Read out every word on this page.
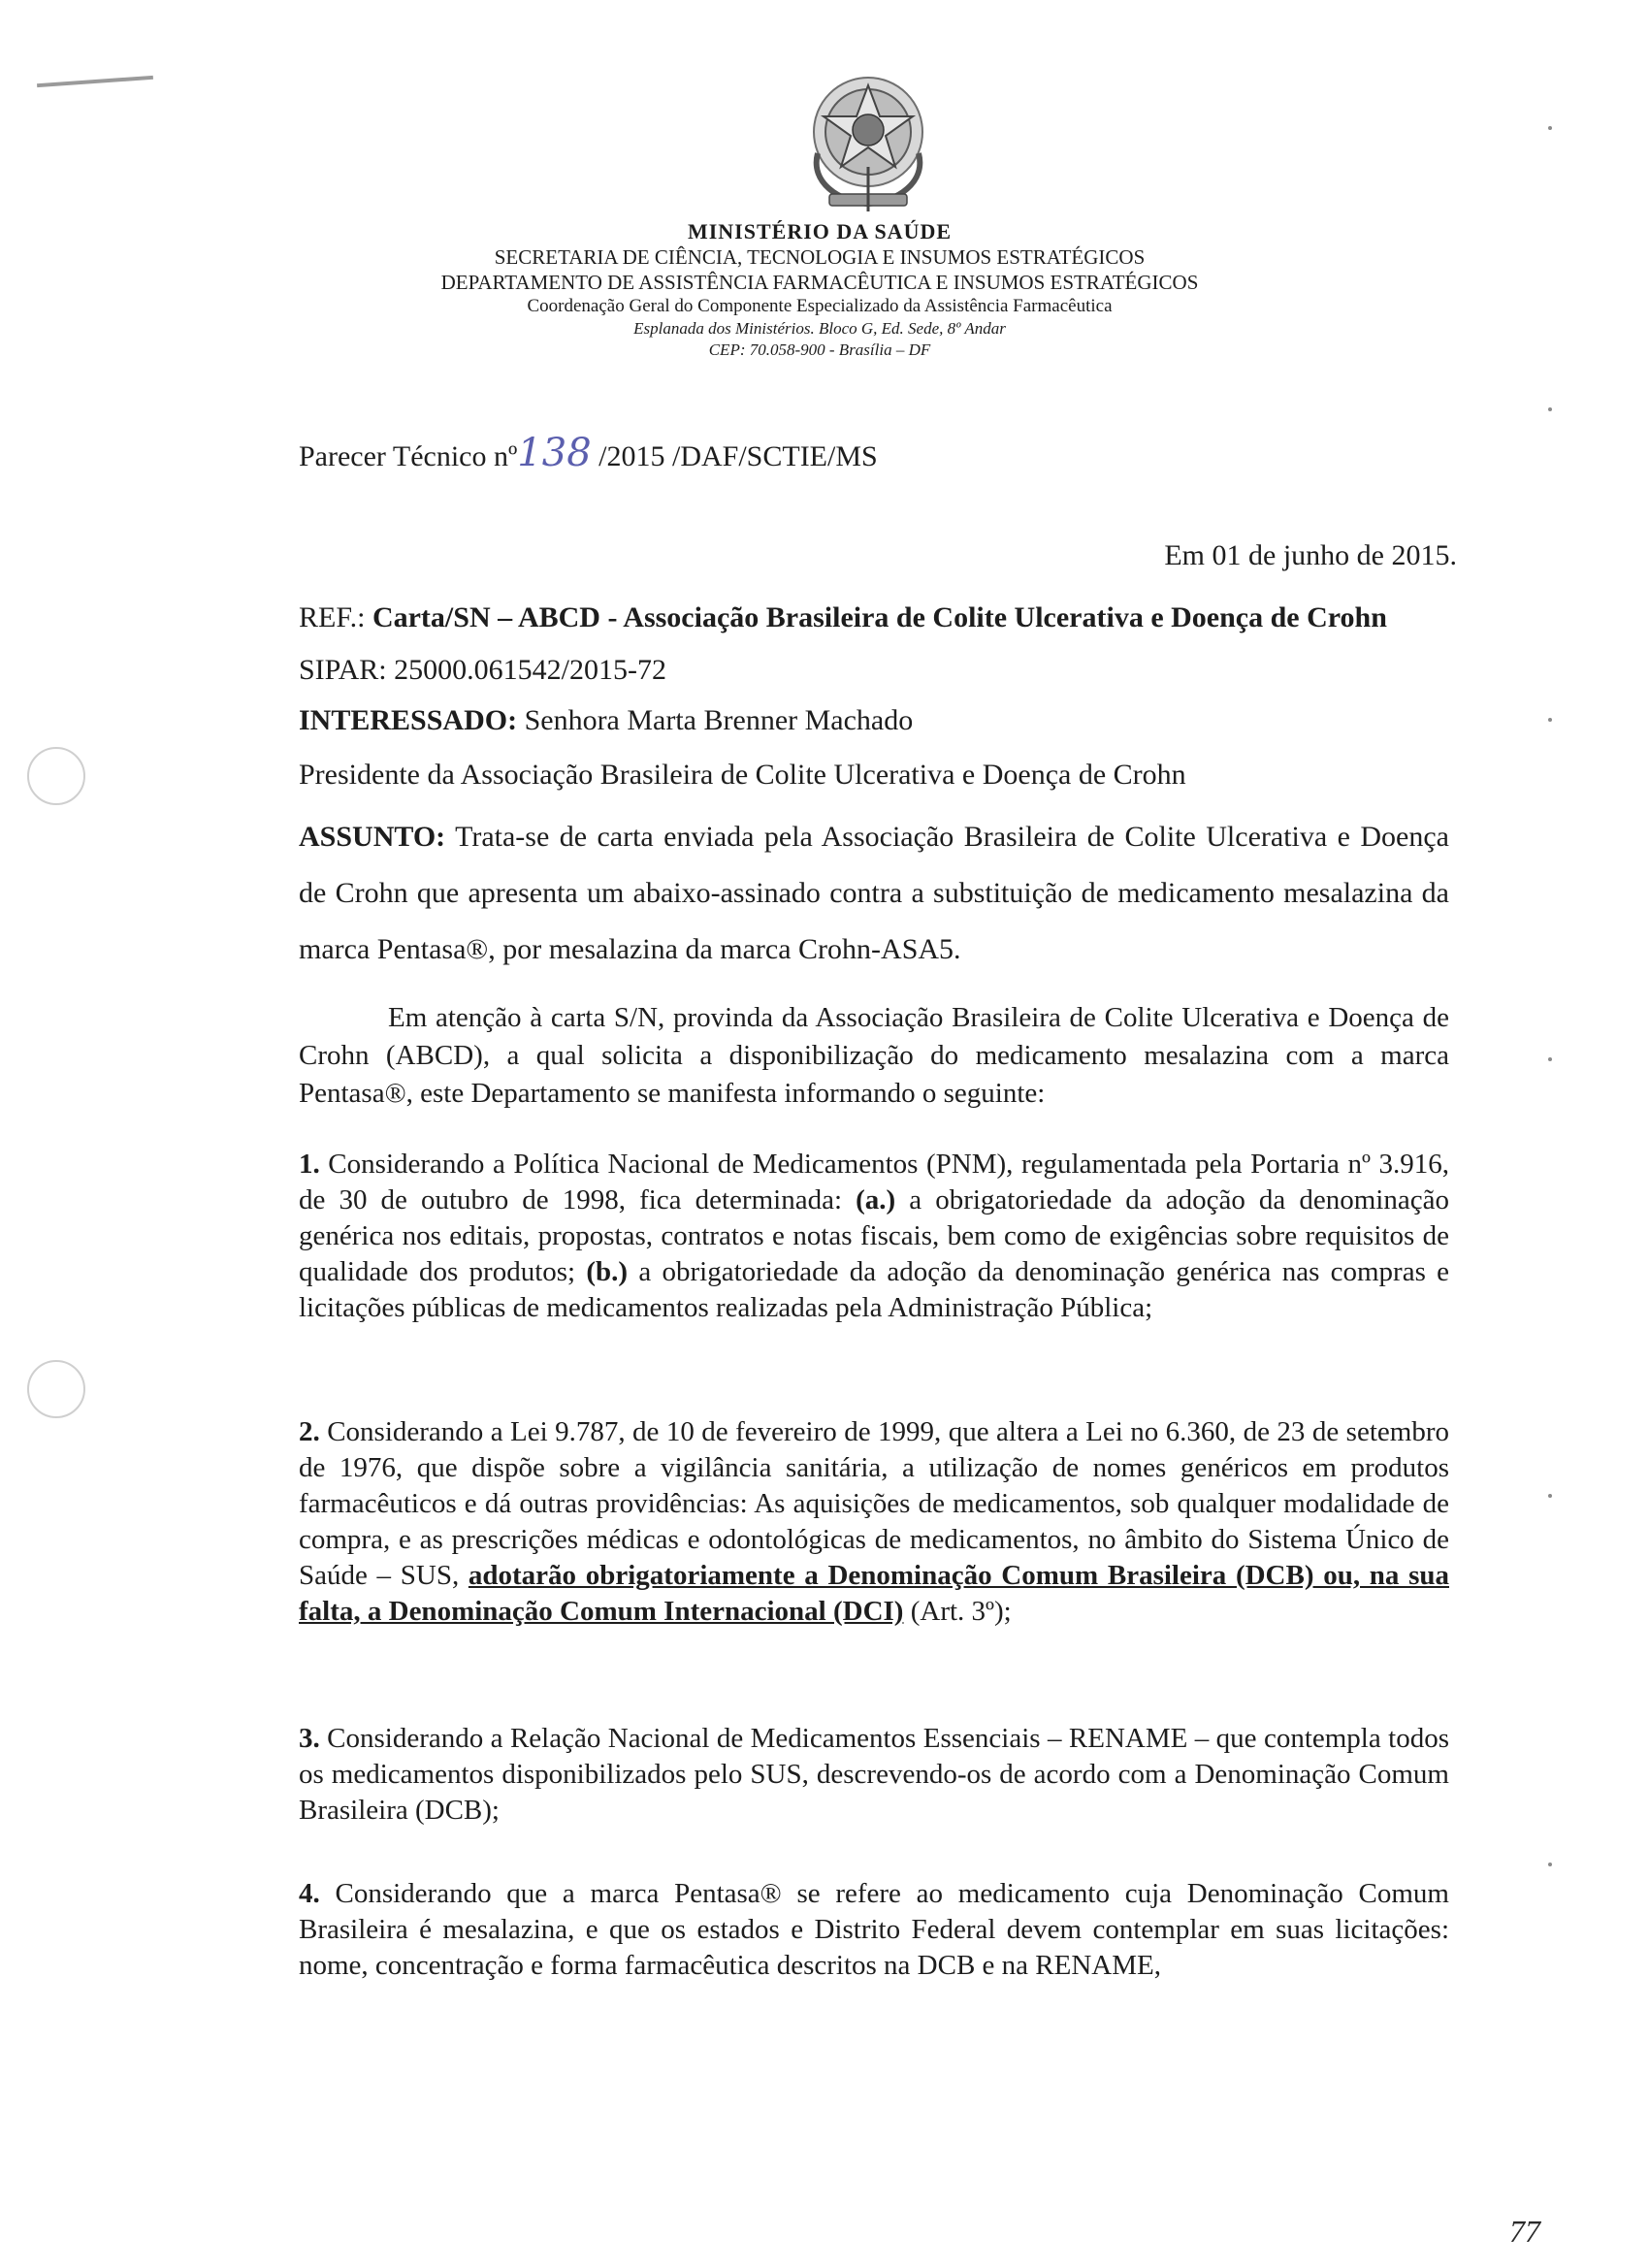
MINISTÉRIO DA SAÚDE
SECRETARIA DE CIÊNCIA, TECNOLOGIA E INSUMOS ESTRATÉGICOS
DEPARTAMENTO DE ASSISTÊNCIA FARMACÊUTICA E INSUMOS ESTRATÉGICOS
Coordenação Geral do Componente Especializado da Assistência Farmacêutica
Esplanada dos Ministérios. Bloco G, Ed. Sede, 8º Andar
CEP: 70.058-900 - Brasília – DF
Parecer Técnico nº138 /2015 /DAF/SCTIE/MS
Em 01 de junho de 2015.
REF.: Carta/SN – ABCD - Associação Brasileira de Colite Ulcerativa e Doença de Crohn
SIPAR: 25000.061542/2015-72
INTERESSADO: Senhora Marta Brenner Machado
Presidente da Associação Brasileira de Colite Ulcerativa e Doença de Crohn
ASSUNTO: Trata-se de carta enviada pela Associação Brasileira de Colite Ulcerativa e Doença de Crohn que apresenta um abaixo-assinado contra a substituição de medicamento mesalazina da marca Pentasa®, por mesalazina da marca Crohn-ASA5.
Em atenção à carta S/N, provinda da Associação Brasileira de Colite Ulcerativa e Doença de Crohn (ABCD), a qual solicita a disponibilização do medicamento mesalazina com a marca Pentasa®, este Departamento se manifesta informando o seguinte:
1. Considerando a Política Nacional de Medicamentos (PNM), regulamentada pela Portaria nº 3.916, de 30 de outubro de 1998, fica determinada: (a.) a obrigatoriedade da adoção da denominação genérica nos editais, propostas, contratos e notas fiscais, bem como de exigências sobre requisitos de qualidade dos produtos; (b.) a obrigatoriedade da adoção da denominação genérica nas compras e licitações públicas de medicamentos realizadas pela Administração Pública;
2. Considerando a Lei 9.787, de 10 de fevereiro de 1999, que altera a Lei no 6.360, de 23 de setembro de 1976, que dispõe sobre a vigilância sanitária, a utilização de nomes genéricos em produtos farmacêuticos e dá outras providências: As aquisições de medicamentos, sob qualquer modalidade de compra, e as prescrições médicas e odontológicas de medicamentos, no âmbito do Sistema Único de Saúde – SUS, adotarão obrigatoriamente a Denominação Comum Brasileira (DCB) ou, na sua falta, a Denominação Comum Internacional (DCI) (Art. 3º);
3. Considerando a Relação Nacional de Medicamentos Essenciais – RENAME – que contempla todos os medicamentos disponibilizados pelo SUS, descrevendo-os de acordo com a Denominação Comum Brasileira (DCB);
4. Considerando que a marca Pentasa® se refere ao medicamento cuja Denominação Comum Brasileira é mesalazina, e que os estados e Distrito Federal devem contemplar em suas licitações: nome, concentração e forma farmacêutica descritos na DCB e na RENAME,
77
